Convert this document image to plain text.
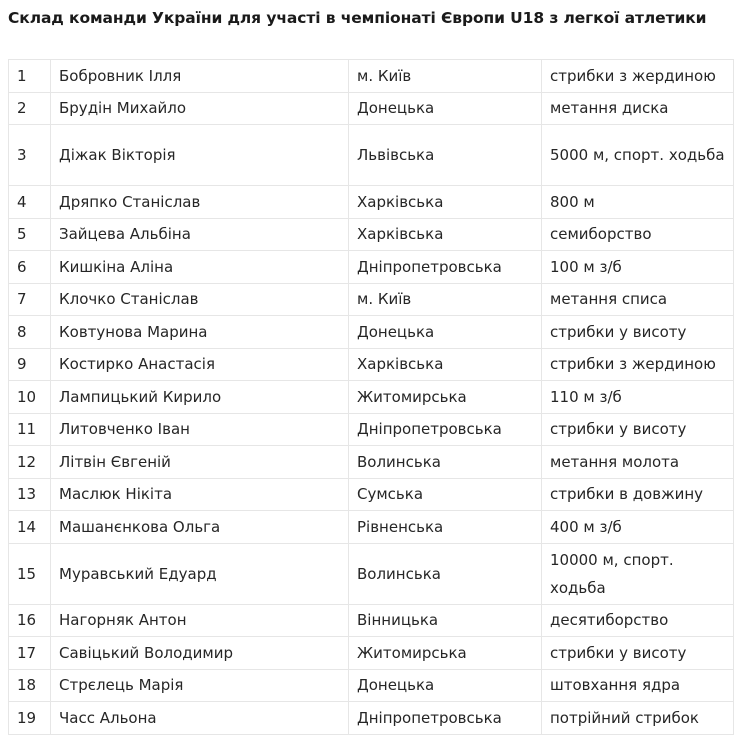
Склад команди України для участі в чемпіонаті Європи U18 з легкої атлетики
1	Бобровник Ілля	м. Київ	стрибки з жердиною
2	Брудін Михайло	Донецька	метання диска
3	Діжак Вікторія	Львівська	5000 м, спорт. ходьба
4	Дряпко Станіслав	Харківська	800 м
5	Зайцева Альбіна	Харківська	семиборство
6	Кишкіна Аліна	Дніпропетровська	100 м з/б
7	Клочко Станіслав	м. Київ	метання списа
8	Ковтунова Марина	Донецька	стрибки у висоту
9	Костирко Анастасія	Харківська	стрибки з жердиною
10	Лампицький Кирило	Житомирська	110 м з/б
11	Литовченко Іван	Дніпропетровська	стрибки у висоту
12	Літвін Євгеній	Волинська	метання молота
13	Маслюк Нікіта	Сумська	стрибки в довжину
14	Машанєнкова Ольга	Рівненська	400 м з/б
15	Муравський Едуард	Волинська	10000 м, спорт. ходьба
16	Нагорняк Антон	Вінницька	десятиборство
17	Савіцький Володимир	Житомирська	стрибки у висоту
18	Стрєлець Марія	Донецька	штовхання ядра
19	Часс Альона	Дніпропетровська	потрійний стрибок
